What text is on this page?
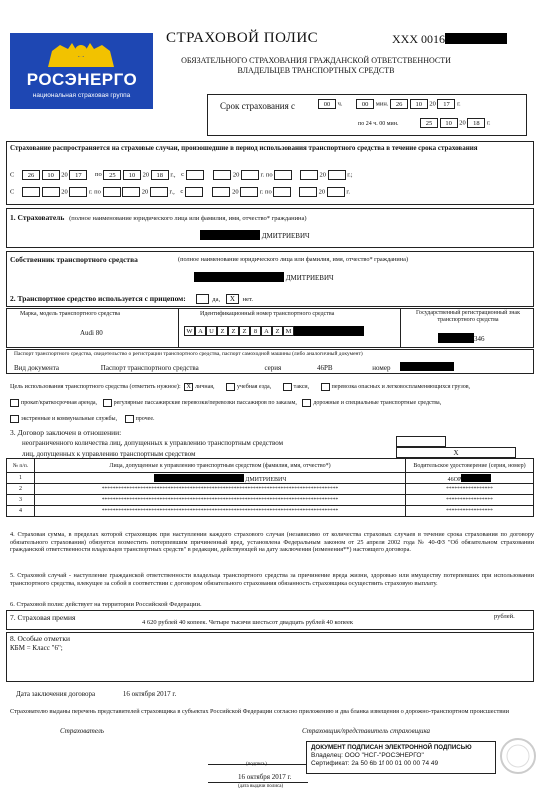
РОСЭНЕРГО
национальная страховая группа
СТРАХОВОЙ ПОЛИС	ХХХ 0016
ОБЯЗАТЕЛЬНОГО СТРАХОВАНИЯ ГРАЖДАНСКОЙ ОТВЕТСТВЕННОСТИ
ВЛАДЕЛЬЦЕВ ТРАНСПОРТНЫХ СРЕДСТВ
Срок страхования с	00 ч.	00 мин. 26 10 20 17 г.
по 24 ч. 00 мин.	25 10 20 18 г.
Страхование распространяется на страховые случаи, произошедшие в период использования транспортного средства в течение срока страхования
С 26 10 20 17 по 25 10 20 18 г., с	20	г. по	20	г.;
С	20	г. по	20	г., с	20	г. по	20	г.
1. Страхователь (полное наименование юридического лица или фамилия, имя, отчество* гражданина)
ДМИТРИЕВИЧ
Собственник транспортного средства	(полное наименование юридического лица или фамилия, имя, отчество* гражданина)
ДМИТРИЕВИЧ
2. Транспортное средство используется с прицепом:	да, X нет.
Марка, модель транспортного средства
Audi 80
Идентификационный номер транспортного средства
W A U Z Z Z 8 A Z M
Государственный регистрационный знак транспортного средства
346
Паспорт транспортного средства, свидетельство о регистрации транспортного средства, паспорт самоходной машины (либо аналогичный документ)
Вид документа	Паспорт транспортного средства	серия	46PB	номер
Цель использования транспортного средства (отметить нужное): X личная,	учебная езда,	такси,	перевозка опасных и легковоспламеняющихся грузов,
прокат/краткосрочная аренда,	регулярные пассажирские перевозки/перевозки пассажиров по заказам,	дорожные и специальные транспортные средства,
экстренные и коммунальные службы,	прочее.
3. Договор заключен в отношении:
неограниченного количества лиц, допущенных к управлению транспортным средством
лиц, допущенных к управлению транспортным средством	X
№ п/п.	Лица, допущенные к управлению транспортным средством (фамилия, имя, отчество*)	Водительское удостоверение (серия, номер)
1	ДМИТРИЕВИЧ	46ОР
2	**************************************************************************************	*****************
3	**************************************************************************************	*****************
4	**************************************************************************************	*****************
4. Страховая сумма, в пределах которой страховщик при наступлении каждого страхового случая (независимо от количества страховых случаев в течение срока страхования по договору обязательного страхования) обязуется возместить потерпевшим причиненный вред, установлена Федеральным законом от 25 апреля 2002 года № 40-ФЗ "Об обязательном страховании гражданской ответственности владельцев транспортных средств" в редакции, действующей на дату заключения (изменения**) настоящего договора.
5. Страховой случай - наступление гражданской ответственности владельца транспортного средства за причинение вреда жизни, здоровью или имуществу потерпевших при использовании транспортного средства, влекущее за собой в соответствии с договором обязательного страхования обязанность страховщика осуществить страховую выплату.
6. Страховой полис действует на территории Российской Федерации.
7. Страховая премия
4 620 рублей 40 копеек. Четыре тысячи шестьсот двадцать рублей 40 копеек
рублей.
8. Особые отметки
КБМ = Класс "6";
Дата заключения договора	16 октября 2017 г.
Страхователю выданы перечень представителей страховщика в субъектах Российской Федерации согласно приложению и два бланка извещения о дорожно-транспортном происшествии
Страхователь	Страховщик/представитель страховщика
(подпись)
16 октября 2017 г.
(дата выдачи полиса)
ДОКУМЕНТ ПОДПИСАН ЭЛЕКТРОННОЙ ПОДПИСЬЮ
Владелец: ООО "НСГ-"РОСЭНЕРГО"
Сертификат: 2a 50 6b 1f 00 01 00 00 74 49
